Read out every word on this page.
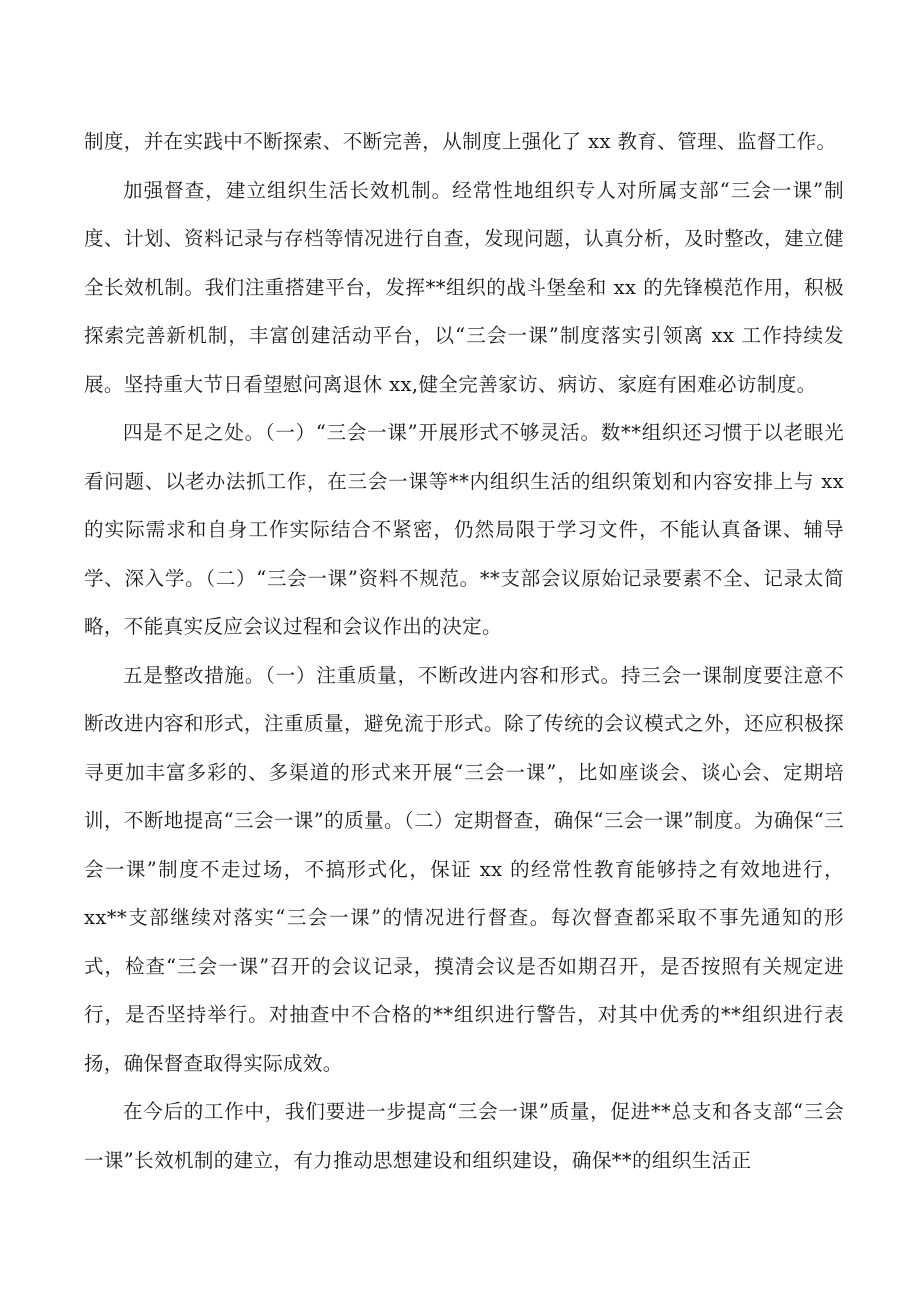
制度，并在实践中不断探索、不断完善，从制度上强化了 xx 教育、管理、监督工作。

加强督查，建立组织生活长效机制。经常性地组织专人对所属支部“三会一课”制度、计划、资料记录与存档等情况进行自查，发现问题，认真分析，及时整改，建立健全长效机制。我们注重搭建平台，发挥**组织的战斗堡垒和 xx 的先锋模范作用，积极探索完善新机制，丰富创建活动平台，以“三会一课”制度落实引领离 xx 工作持续发展。坚持重大节日看望慰问离退休 xx,健全完善家访、病访、家庭有困难必访制度。

四是不足之处。（一）“三会一课”开展形式不够灵活。数**组织还习惯于以老眼光看问题、以老办法抓工作，在三会一课等**内组织生活的组织策划和内容安排上与 xx 的实际需求和自身工作实际结合不紧密，仍然局限于学习文件，不能认真备课、辅导学、深入学。（二）“三会一课”资料不规范。**支部会议原始记录要素不全、记录太简略，不能真实反应会议过程和会议作出的决定。

五是整改措施。（一）注重质量，不断改进内容和形式。持三会一课制度要注意不断改进内容和形式，注重质量，避免流于形式。除了传统的会议模式之外，还应积极探寻更加丰富多彩的、多渠道的形式来开展“三会一课”，比如座谈会、谈心会、定期培训，不断地提高“三会一课”的质量。（二）定期督查，确保“三会一课”制度。为确保“三会一课”制度不走过场，不搞形式化，保证 xx 的经常性教育能够持之有效地进行，xx**支部继续对落实“三会一课”的情况进行督查。每次督查都采取不事先通知的形式，检查“三会一课”召开的会议记录，摸清会议是否如期召开，是否按照有关规定进行，是否坚持举行。对抽查中不合格的**组织进行警告，对其中优秀的**组织进行表扬，确保督查取得实际成效。

在今后的工作中，我们要进一步提高“三会一课”质量，促进**总支和各支部“三会一课”长效机制的建立，有力推动思想建设和组织建设，确保**的组织生活正
